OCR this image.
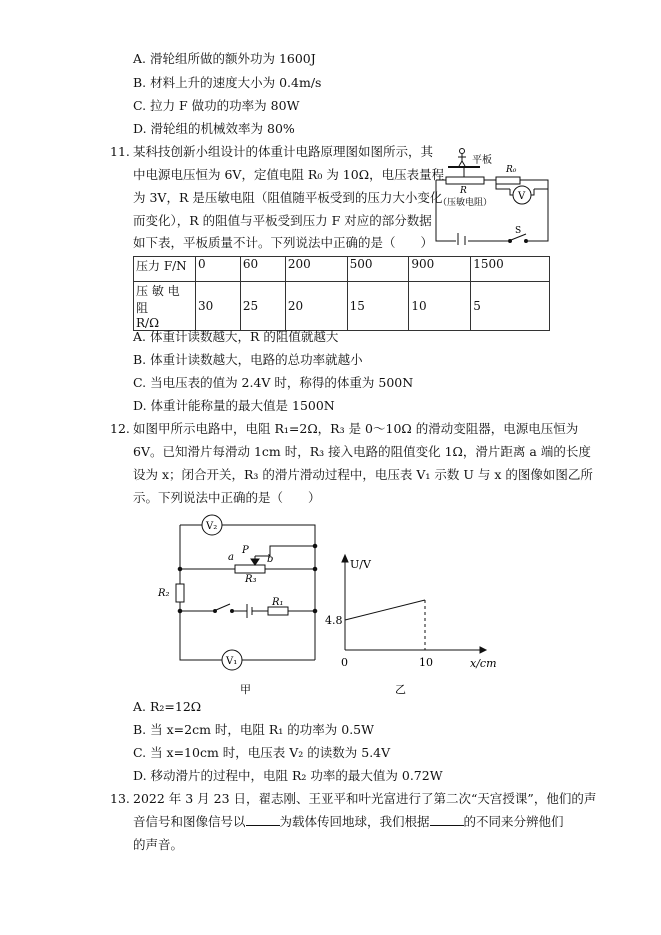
A. 滑轮组所做的额外功为 1600J
B. 材料上升的速度大小为 0.4m/s
C. 拉力 F 做功的功率为 80W
D. 滑轮组的机械效率为 80%
11. 某科技创新小组设计的体重计电路原理图如图所示，其
中电源电压恒为 6V，定值电阻 R₀ 为 10Ω，电压表量程
为 3V，R 是压敏电阻（阻值随平板受到的压力大小变化
而变化），R 的阻值与平板受到压力 F 对应的部分数据
如下表，平板质量不计。下列说法中正确的是（　　）
平板
R₀
R
（压敏电阻）
V
S
压力 F/N	0	60	200	500	900	1500
压 敏 电 阻
R/Ω	30	25	20	15	10	5
A. 体重计读数越大，R 的阻值就越大
B. 体重计读数越大，电路的总功率就越小
C. 当电压表的值为 2.4V 时，称得的体重为 500N
D. 体重计能称量的最大值是 1500N
12. 如图甲所示电路中，电阻 R₁=2Ω，R₃ 是 0～10Ω 的滑动变阻器，电源电压恒为
6V。已知滑片每滑动 1cm 时，R₃ 接入电路的阻值变化 1Ω，滑片距离 a 端的长度
设为 x；闭合开关，R₃ 的滑片滑动过程中，电压表 V₁ 示数 U 与 x 的图像如图乙所
示。下列说法中正确的是（　　）
V₂
V₁
a
P
b
R₃
R₂
R₁
甲
U/V
x/cm
0
4.8
10
乙
A. R₂=12Ω
B. 当 x=2cm 时，电阻 R₁ 的功率为 0.5W
C. 当 x=10cm 时，电压表 V₂ 的读数为 5.4V
D. 移动滑片的过程中，电阻 R₂ 功率的最大值为 0.72W
13. 2022 年 3 月 23 日，翟志刚、王亚平和叶光富进行了第二次“天宫授课”，他们的声
音信号和图像信号以	为载体传回地球，我们根据	的不同来分辨他们
的声音。
